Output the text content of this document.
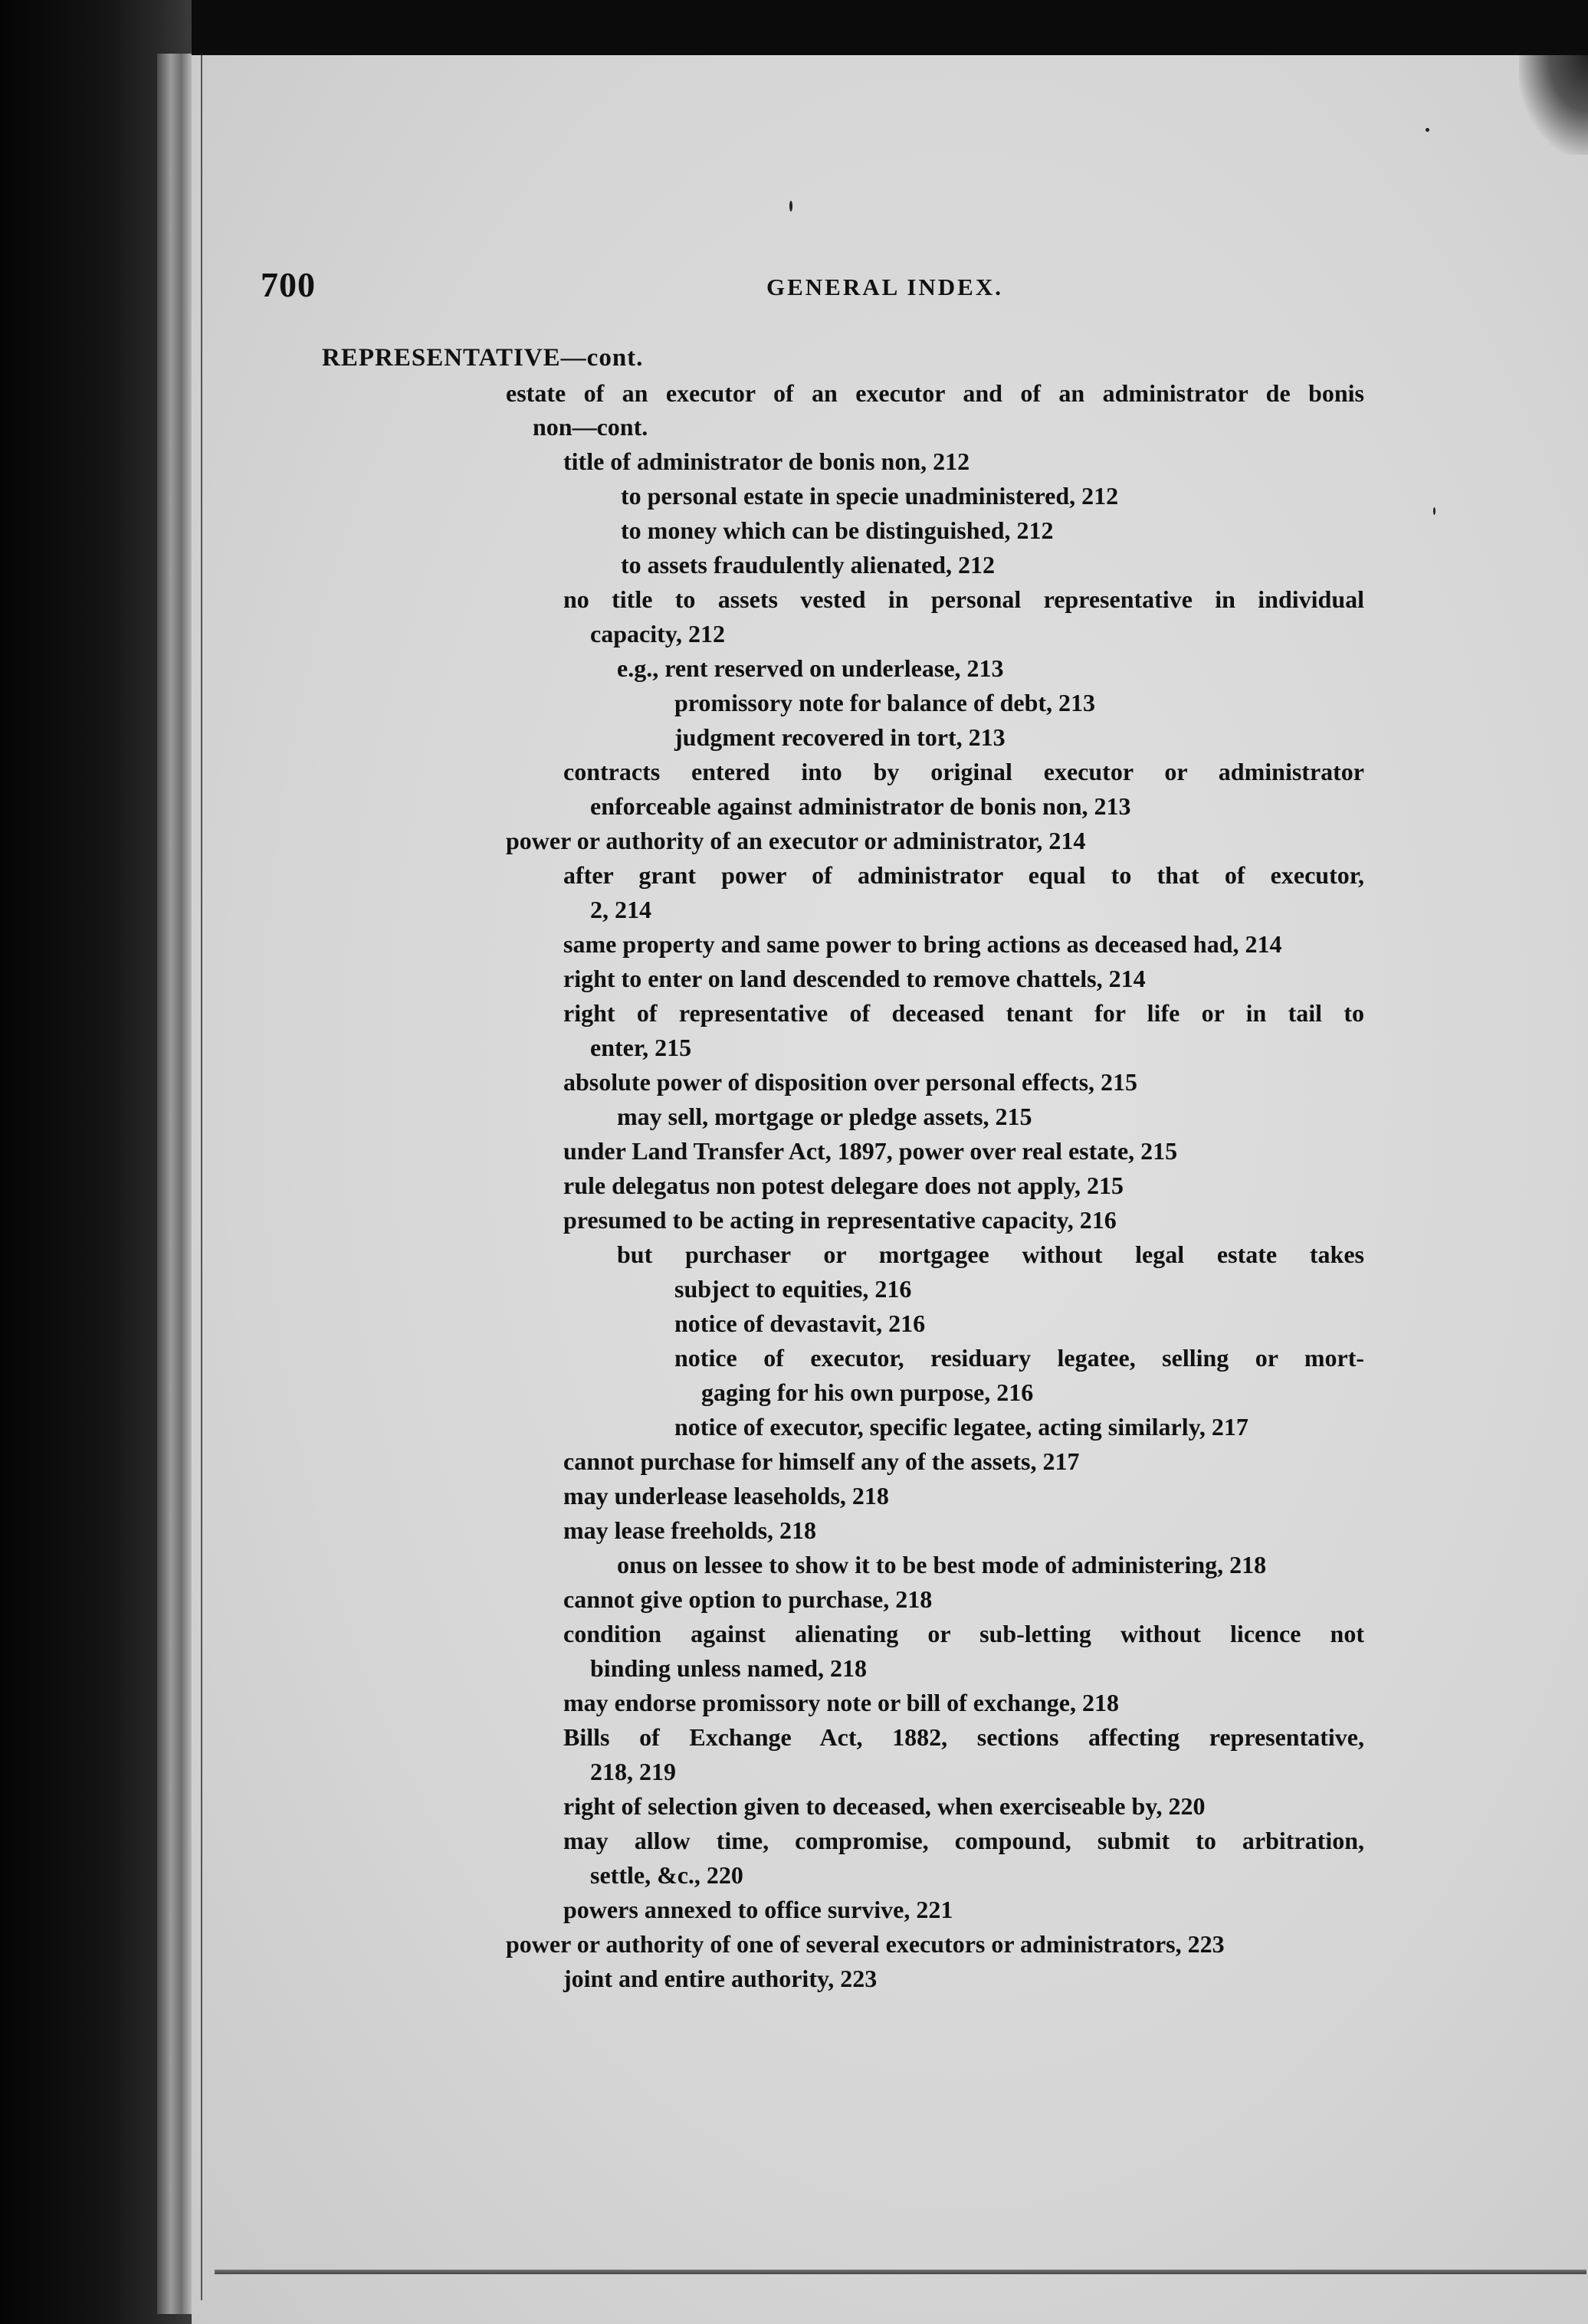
700	GENERAL INDEX.
REPRESENTATIVE—cont.
estate of an executor of an executor and of an administrator de bonis
non—cont.
title of administrator de bonis non, 212
to personal estate in specie unadministered, 212
to money which can be distinguished, 212
to assets fraudulently alienated, 212
no title to assets vested in personal representative in individual
capacity, 212
e.g., rent reserved on underlease, 213
promissory note for balance of debt, 213
judgment recovered in tort, 213
contracts entered into by original executor or administrator
enforceable against administrator de bonis non, 213
power or authority of an executor or administrator, 214
after grant power of administrator equal to that of executor,
2, 214
same property and same power to bring actions as deceased had, 214
right to enter on land descended to remove chattels, 214
right of representative of deceased tenant for life or in tail to
enter, 215
absolute power of disposition over personal effects, 215
may sell, mortgage or pledge assets, 215
under Land Transfer Act, 1897, power over real estate, 215
rule delegatus non potest delegare does not apply, 215
presumed to be acting in representative capacity, 216
but purchaser or mortgagee without legal estate takes
subject to equities, 216
notice of devastavit, 216
notice of executor, residuary legatee, selling or mort-
gaging for his own purpose, 216
notice of executor, specific legatee, acting similarly, 217
cannot purchase for himself any of the assets, 217
may underlease leaseholds, 218
may lease freeholds, 218
onus on lessee to show it to be best mode of administering, 218
cannot give option to purchase, 218
condition against alienating or sub-letting without licence not
binding unless named, 218
may endorse promissory note or bill of exchange, 218
Bills of Exchange Act, 1882, sections affecting representative,
218, 219
right of selection given to deceased, when exerciseable by, 220
may allow time, compromise, compound, submit to arbitration,
settle, &c., 220
powers annexed to office survive, 221
power or authority of one of several executors or administrators, 223
joint and entire authority, 223
